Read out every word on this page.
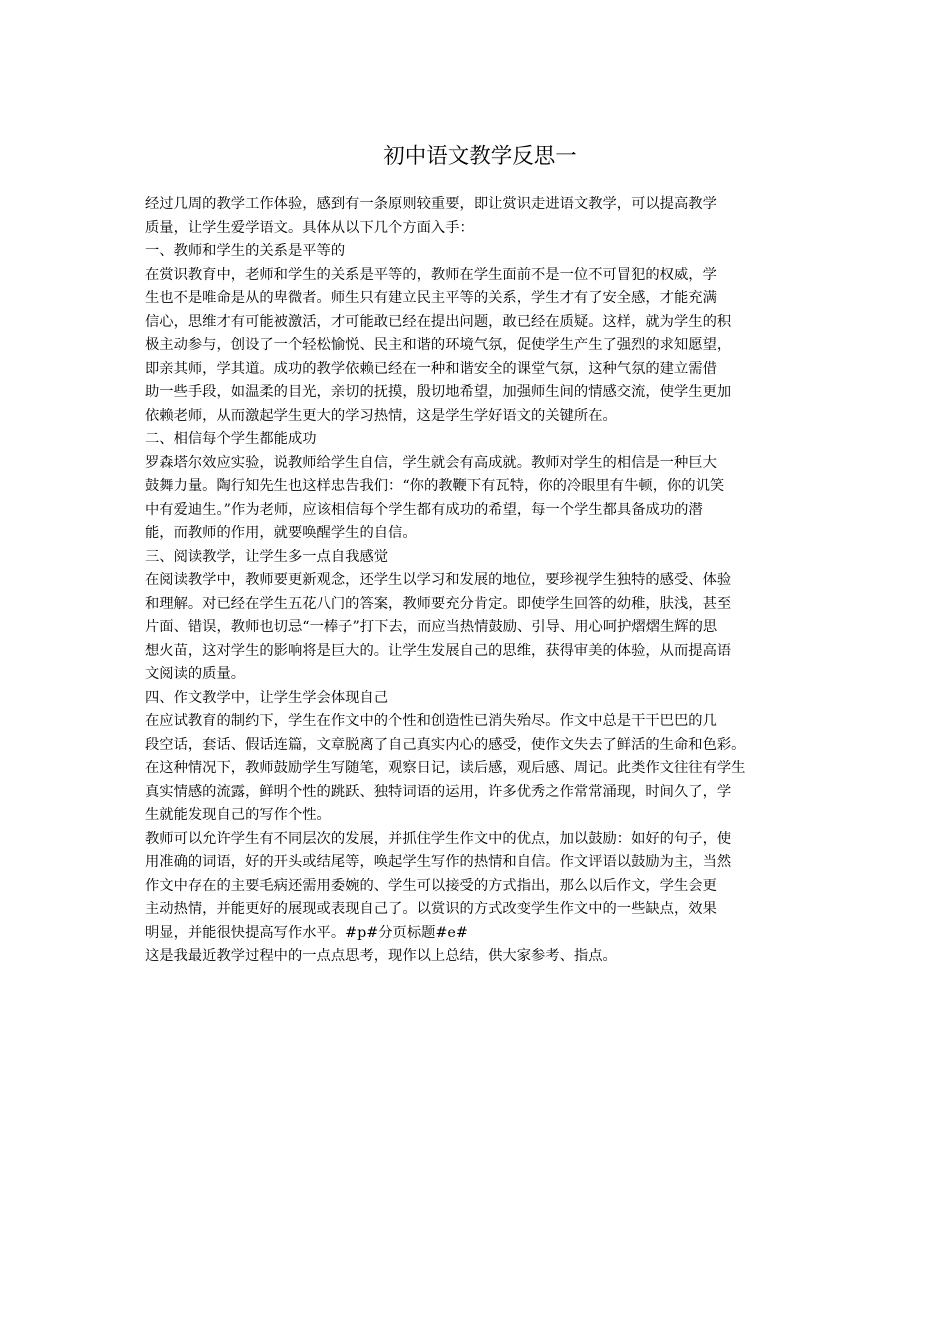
初中语文教学反思一

经过几周的教学工作体验，感到有一条原则较重要，即让赏识走进语文教学，可以提高教学

质量，让学生爱学语文。具体从以下几个方面入手：

一、教师和学生的关系是平等的

在赏识教育中，老师和学生的关系是平等的，教师在学生面前不是一位不可冒犯的权威，学

生也不是唯命是从的卑微者。师生只有建立民主平等的关系，学生才有了安全感，才能充满

信心，思维才有可能被激活，才可能敢已经在提出问题，敢已经在质疑。这样，就为学生的积

极主动参与，创设了一个轻松愉悦、民主和谐的环境气氛，促使学生产生了强烈的求知愿望，

即亲其师，学其道。成功的教学依赖已经在一种和谐安全的课堂气氛，这种气氛的建立需借

助一些手段，如温柔的目光，亲切的抚摸，殷切地希望，加强师生间的情感交流，使学生更加

依赖老师，从而激起学生更大的学习热情，这是学生学好语文的关键所在。

二、相信每个学生都能成功

罗森塔尔效应实验，说教师给学生自信，学生就会有高成就。教师对学生的相信是一种巨大

鼓舞力量。陶行知先生也这样忠告我们：“你的教鞭下有瓦特，你的冷眼里有牛顿，你的讥笑

中有爱迪生。”作为老师，应该相信每个学生都有成功的希望，每一个学生都具备成功的潜

能，而教师的作用，就要唤醒学生的自信。

三、阅读教学，让学生多一点自我感觉

在阅读教学中，教师要更新观念，还学生以学习和发展的地位，要珍视学生独特的感受、体验

和理解。对已经在学生五花八门的答案，教师要充分肯定。即使学生回答的幼稚，肤浅，甚至

片面、错误，教师也切忌“一棒子”打下去，而应当热情鼓励、引导、用心呵护熠熠生辉的思

想火苗，这对学生的影响将是巨大的。让学生发展自己的思维，获得审美的体验，从而提高语

文阅读的质量。

四、作文教学中，让学生学会体现自己

在应试教育的制约下，学生在作文中的个性和创造性已消失殆尽。作文中总是干干巴巴的几

段空话，套话、假话连篇，文章脱离了自己真实内心的感受，使作文失去了鲜活的生命和色彩。

在这种情况下，教师鼓励学生写随笔，观察日记，读后感，观后感、周记。此类作文往往有学生

真实情感的流露，鲜明个性的跳跃、独特词语的运用，许多优秀之作常常涌现，时间久了，学

生就能发现自己的写作个性。

教师可以允许学生有不同层次的发展，并抓住学生作文中的优点，加以鼓励：如好的句子，使

用准确的词语，好的开头或结尾等，唤起学生写作的热情和自信。作文评语以鼓励为主，当然

作文中存在的主要毛病还需用委婉的、学生可以接受的方式指出，那么以后作文，学生会更

主动热情，并能更好的展现或表现自己了。以赏识的方式改变学生作文中的一些缺点，效果

明显，并能很快提高写作水平。#p#分页标题#e#

这是我最近教学过程中的一点点思考，现作以上总结，供大家参考、指点。
